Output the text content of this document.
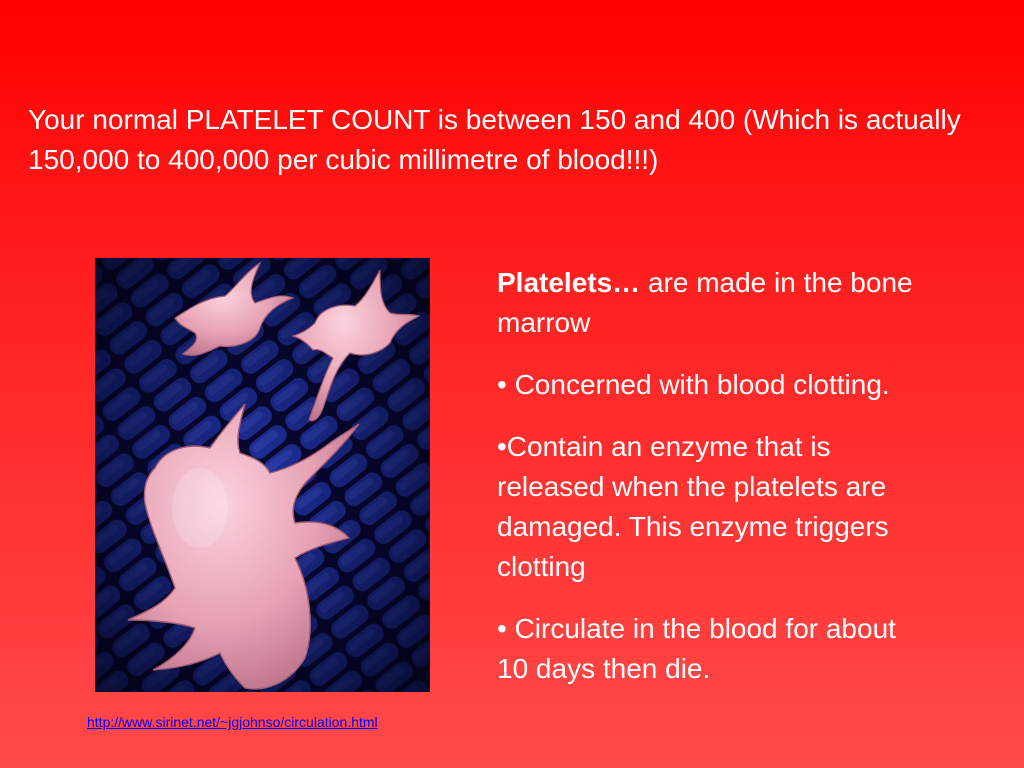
Your normal PLATELET COUNT is between 150 and 400 (Which is actually 150,000 to 400,000 per cubic millimetre of blood!!!)

Platelets… are made in the bone marrow
• Concerned with blood clotting.
•Contain an enzyme that is released when the platelets are damaged. This enzyme triggers clotting
• Circulate in the blood for about 10 days then die.
http://www.sirinet.net/~jgjohnso/circulation.html
